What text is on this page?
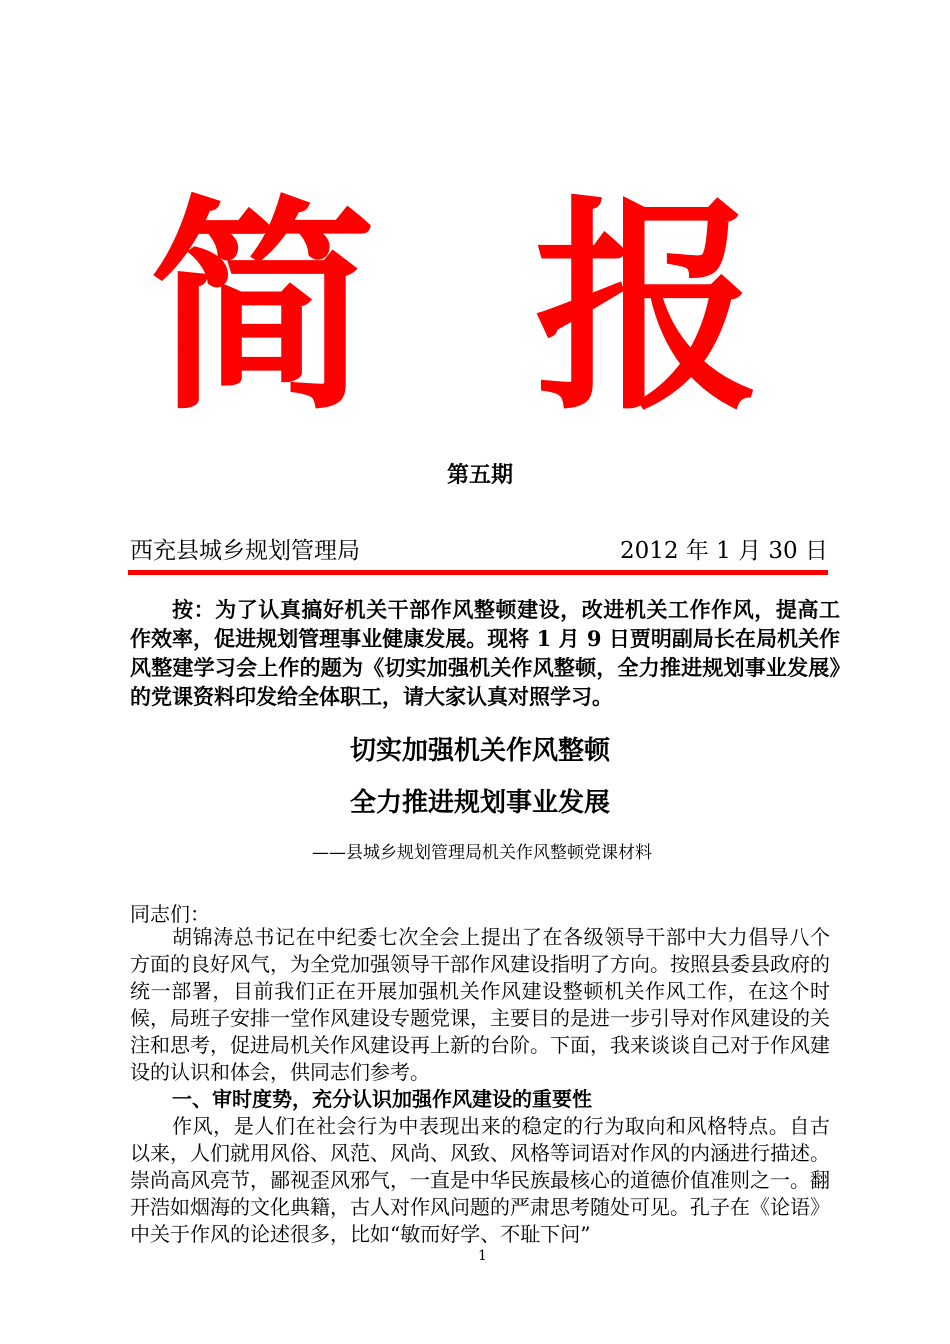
简 报
第五期
西充县城乡规划管理局	2012 年 1 月 30 日
按：为了认真搞好机关干部作风整顿建设，改进机关工作作风，提高工作效率，促进规划管理事业健康发展。现将 1 月 9 日贾明副局长在局机关作风整建学习会上作的题为《切实加强机关作风整顿，全力推进规划事业发展》的党课资料印发给全体职工，请大家认真对照学习。
切实加强机关作风整顿
全力推进规划事业发展
——县城乡规划管理局机关作风整顿党课材料
同志们：

胡锦涛总书记在中纪委七次全会上提出了在各级领导干部中大力倡导八个方面的良好风气，为全党加强领导干部作风建设指明了方向。按照县委县政府的统一部署，目前我们正在开展加强机关作风建设整顿机关作风工作，在这个时候，局班子安排一堂作风建设专题党课，主要目的是进一步引导对作风建设的关注和思考，促进局机关作风建设再上新的台阶。下面，我来谈谈自己对于作风建设的认识和体会，供同志们参考。

一、审时度势，充分认识加强作风建设的重要性

作风，是人们在社会行为中表现出来的稳定的行为取向和风格特点。自古以来，人们就用风俗、风范、风尚、风致、风格等词语对作风的内涵进行描述。崇尚高风亮节，鄙视歪风邪气，一直是中华民族最核心的道德价值准则之一。翻开浩如烟海的文化典籍，古人对作风问题的严肃思考随处可见。孔子在《论语》中关于作风的论述很多，比如“敏而好学、不耻下问”

1
